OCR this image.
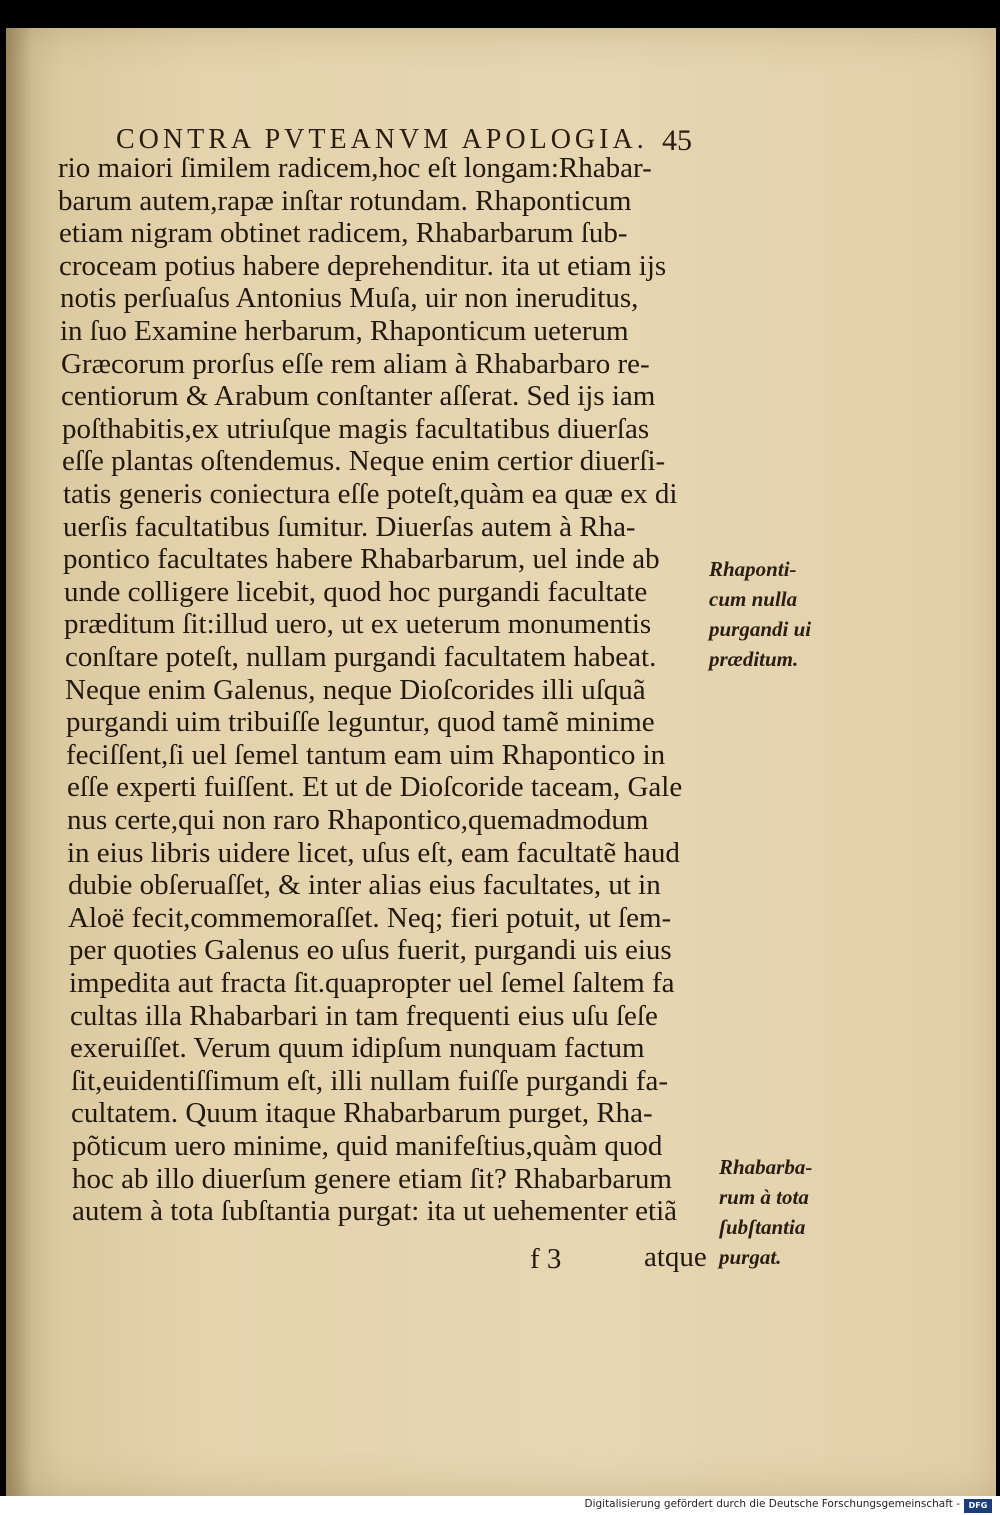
CONTRA PVTEANVM APOLOGIA. 45
rio maiori ſimilem radicem,hoc eſt longam:Rhabar-
barum autem,rapæ inſtar rotundam. Rhaponticum
etiam nigram obtinet radicem, Rhabarbarum ſub-
croceam potius habere deprehenditur. ita ut etiam ijs
notis perſuaſus Antonius Muſa, uir non ineruditus,
in ſuo Examine herbarum, Rhaponticum ueterum
Græcorum prorſus eſſe rem aliam à Rhabarbaro re-
centiorum & Arabum conſtanter aſſerat. Sed ijs iam
poſthabitis,ex utriuſque magis facultatibus diuerſas
eſſe plantas oſtendemus. Neque enim certior diuerſi-
tatis generis coniectura eſſe poteſt,quàm ea quæ ex di
uerſis facultatibus ſumitur. Diuerſas autem à Rha-
pontico facultates habere Rhabarbarum, uel inde ab
unde colligere licebit, quod hoc purgandi facultate
præditum ſit:illud uero, ut ex ueterum monumentis
conſtare poteſt, nullam purgandi facultatem habeat.
Neque enim Galenus, neque Dioſcorides illi uſquã
purgandi uim tribuiſſe leguntur, quod tamẽ minime
feciſſent,ſi uel ſemel tantum eam uim Rhapontico in
eſſe experti fuiſſent. Et ut de Dioſcoride taceam, Gale
nus certe,qui non raro Rhapontico,quemadmodum
in eius libris uidere licet, uſus eſt, eam facultatẽ haud
dubie obſeruaſſet, & inter alias eius facultates, ut in
Aloë fecit,commemoraſſet. Neq; fieri potuit, ut ſem-
per quoties Galenus eo uſus fuerit, purgandi uis eius
impedita aut fracta ſit.quapropter uel ſemel ſaltem fa
cultas illa Rhabarbari in tam frequenti eius uſu ſeſe
exeruiſſet. Verum quum idipſum nunquam factum
ſit,euidentiſſimum eſt, illi nullam fuiſſe purgandi fa-
cultatem. Quum itaque Rhabarbarum purget, Rha-
põticum uero minime, quid manifeſtius,quàm quod
hoc ab illo diuerſum genere etiam ſit? Rhabarbarum
autem à tota ſubſtantia purgat: ita ut uehementer etiã
Rhaponti-
cum nulla
purgandi ui
præditum.
Rhabarba-
rum à tota
ſubſtantia
purgat.
f 3	atque
Digitalisierung gefördert durch die Deutsche Forschungsgemeinschaft -	DFG
